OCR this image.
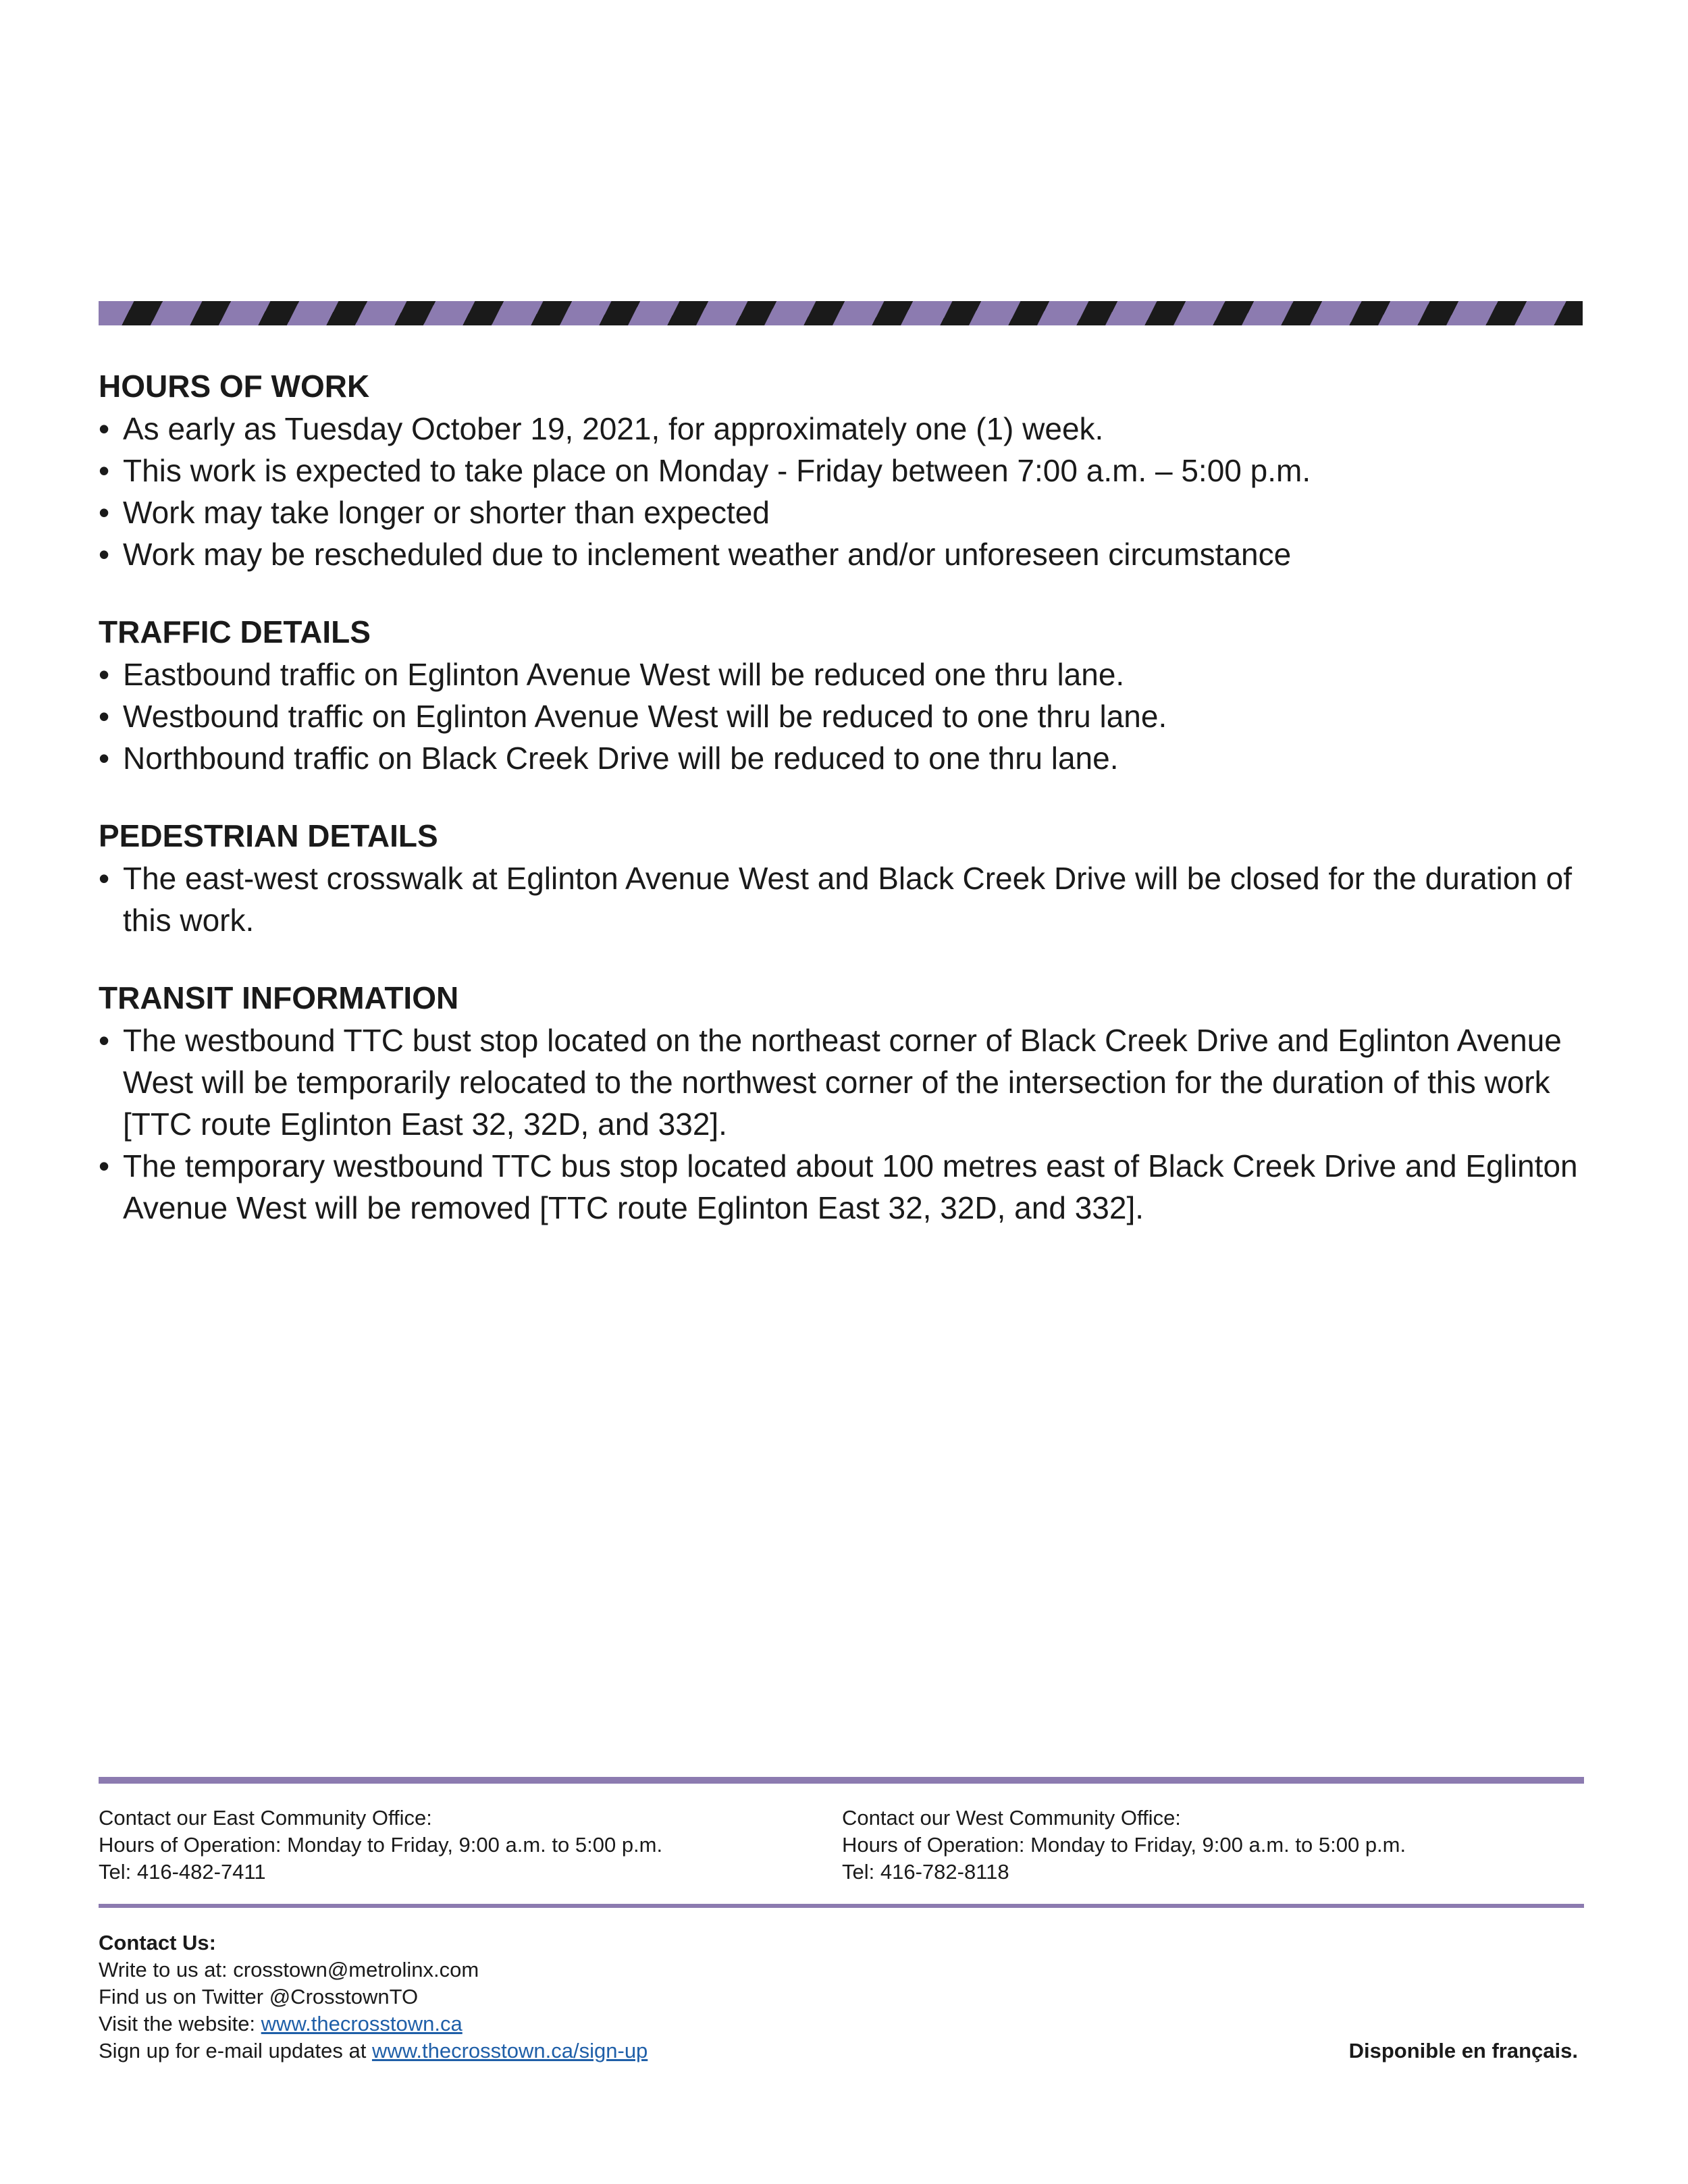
HOURS OF WORK
• As early as Tuesday October 19, 2021, for approximately one (1) week.
• This work is expected to take place on Monday - Friday between 7:00 a.m. – 5:00 p.m.
• Work may take longer or shorter than expected
• Work may be rescheduled due to inclement weather and/or unforeseen circumstance
TRAFFIC DETAILS
• Eastbound traffic on Eglinton Avenue West will be reduced one thru lane.
• Westbound traffic on Eglinton Avenue West will be reduced to one thru lane.
• Northbound traffic on Black Creek Drive will be reduced to one thru lane.
PEDESTRIAN DETAILS
• The east-west crosswalk at Eglinton Avenue West and Black Creek Drive will be closed for the duration of this work.
TRANSIT INFORMATION
• The westbound TTC bust stop located on the northeast corner of Black Creek Drive and Eglinton Avenue West will be temporarily relocated to the northwest corner of the intersection for the duration of this work [TTC route Eglinton East 32, 32D, and 332].
• The temporary westbound TTC bus stop located about 100 metres east of Black Creek Drive and Eglinton Avenue West will be removed [TTC route Eglinton East 32, 32D, and 332].
Contact our East Community Office:
Hours of Operation: Monday to Friday, 9:00 a.m. to 5:00 p.m.
Tel: 416-482-7411
Contact our West Community Office:
Hours of Operation: Monday to Friday, 9:00 a.m. to 5:00 p.m.
Tel: 416-782-8118
Contact Us:
Write to us at: crosstown@metrolinx.com
Find us on Twitter @CrosstownTO
Visit the website: www.thecrosstown.ca
Sign up for e-mail updates at www.thecrosstown.ca/sign-up	Disponible en français.
